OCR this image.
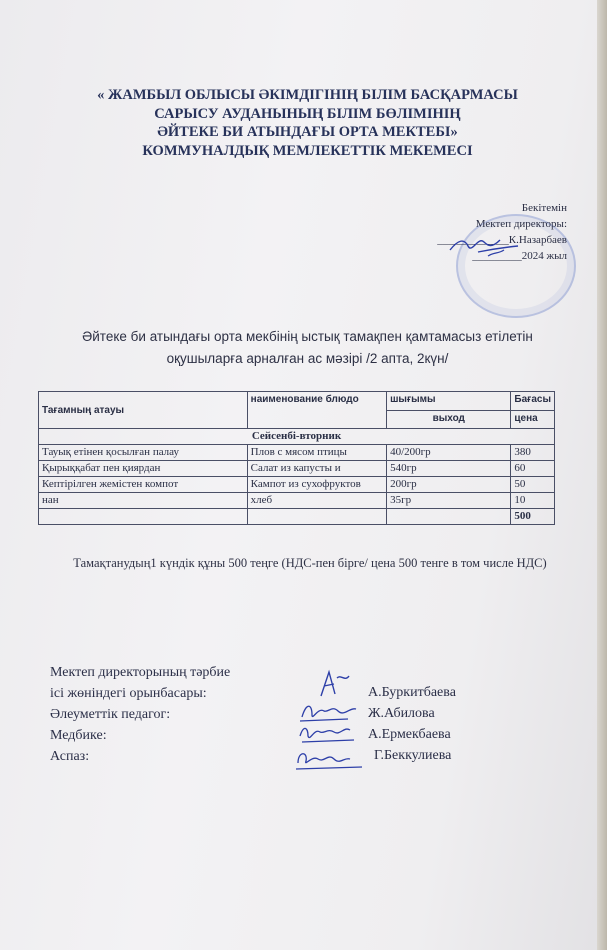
« ЖАМБЫЛ ОБЛЫСЫ ӘКІМДІГІНІҢ БІЛІМ БАСҚАРМАСЫ
САРЫСУ АУДАНЫНЫҢ БІЛІМ БӨЛІМІНІҢ
ӘЙТЕКЕ БИ АТЫНДАҒЫ ОРТА МЕКТЕБІ»
КОММУНАЛДЫҚ МЕМЛЕКЕТТІК МЕКЕМЕСІ
Бекітемін
Мектеп директоры:
_____________К.Назарбаев
_________2024 жыл
Әйтеке би атындағы орта мекбінің ыстық тамақпен қамтамасыз етілетін
оқушыларға арналған ас мәзірі /2 апта, 2күн/
Тағамның атауы	наименование блюдо	шығымы	Бағасы
		выход	цена
Сейсенбі-вторник			
Тауық етінен қосылған палау	Плов с мясом птицы	40/200гр	380
Қырыққабат пен қиярдан	Салат из капусты и	540гр	60
Кептірілген жемістен компот	Кампот из сухофруктов	200гр	50
нан	хлеб	35гр	10
			500
Тамақтанудың1 күндік құны 500 теңге (НДС-пен бірге/ цена 500 тенге в том числе НДС)
Мектеп директорының тәрбие
ісі жөніндегі орынбасары:
Әлеуметтік педагог:
Медбике:
Аспаз:
А.Буркитбаева
Ж.Абилова
А.Ермекбаева
Г.Беккулиева
